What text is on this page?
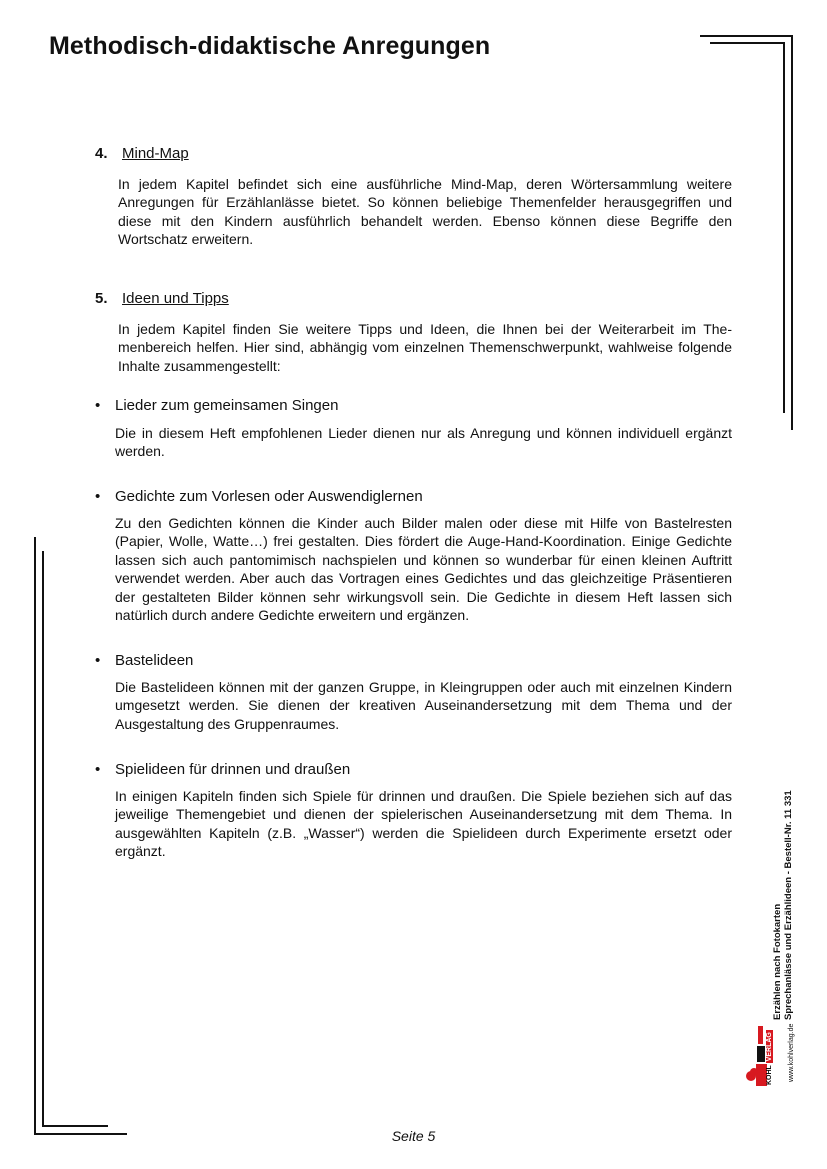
Methodisch-didaktische Anregungen
4. Mind-Map

In jedem Kapitel befindet sich eine ausführliche Mind-Map, deren Wörtersammlung weitere Anregungen für Erzählanlässe bietet. So können beliebige Themenfelder herausgegriffen und diese mit den Kindern ausführlich behandelt werden. Ebenso können diese Begriffe den Wortschatz erweitern.

5. Ideen und Tipps

In jedem Kapitel finden Sie weitere Tipps und Ideen, die Ihnen bei der Weiterarbeit im Themenbereich helfen. Hier sind, abhängig vom einzelnen Themenschwerpunkt, wahlweise folgende Inhalte zusammengestellt:

• Lieder zum gemeinsamen Singen

Die in diesem Heft empfohlenen Lieder dienen nur als Anregung und können individuell ergänzt werden.

• Gedichte zum Vorlesen oder Auswendiglernen

Zu den Gedichten können die Kinder auch Bilder malen oder diese mit Hilfe von Bastelresten (Papier, Wolle, Watte…) frei gestalten. Dies fördert die Auge-Hand-Koordination. Einige Gedichte lassen sich auch pantomimisch nachspielen und können so wunderbar für einen kleinen Auftritt verwendet werden. Aber auch das Vortragen eines Gedichtes und das gleichzeitige Präsentieren der gestalteten Bilder können sehr wirkungsvoll sein. Die Gedichte in diesem Heft lassen sich natürlich durch andere Gedichte erweitern und ergänzen.

• Bastelideen

Die Bastelideen können mit der ganzen Gruppe, in Kleingruppen oder auch mit einzelnen Kindern umgesetzt werden. Sie dienen der kreativen Auseinandersetzung mit dem Thema und der Ausgestaltung des Gruppenraumes.

• Spielideen für drinnen und draußen

In einigen Kapiteln finden sich Spiele für drinnen und draußen. Die Spiele beziehen sich auf das jeweilige Themengebiet und dienen der spielerischen Auseinandersetzung mit dem Thema. In ausgewählten Kapiteln (z.B. „Wasser“) werden die Spielideen durch Experimente ersetzt oder ergänzt.

Erzählen nach Fotokarten Sprechanlässe und Erzählideen - Bestell-Nr. 11 331
www.kohlverlag.de
KOHL VERLAG
Seite 5
